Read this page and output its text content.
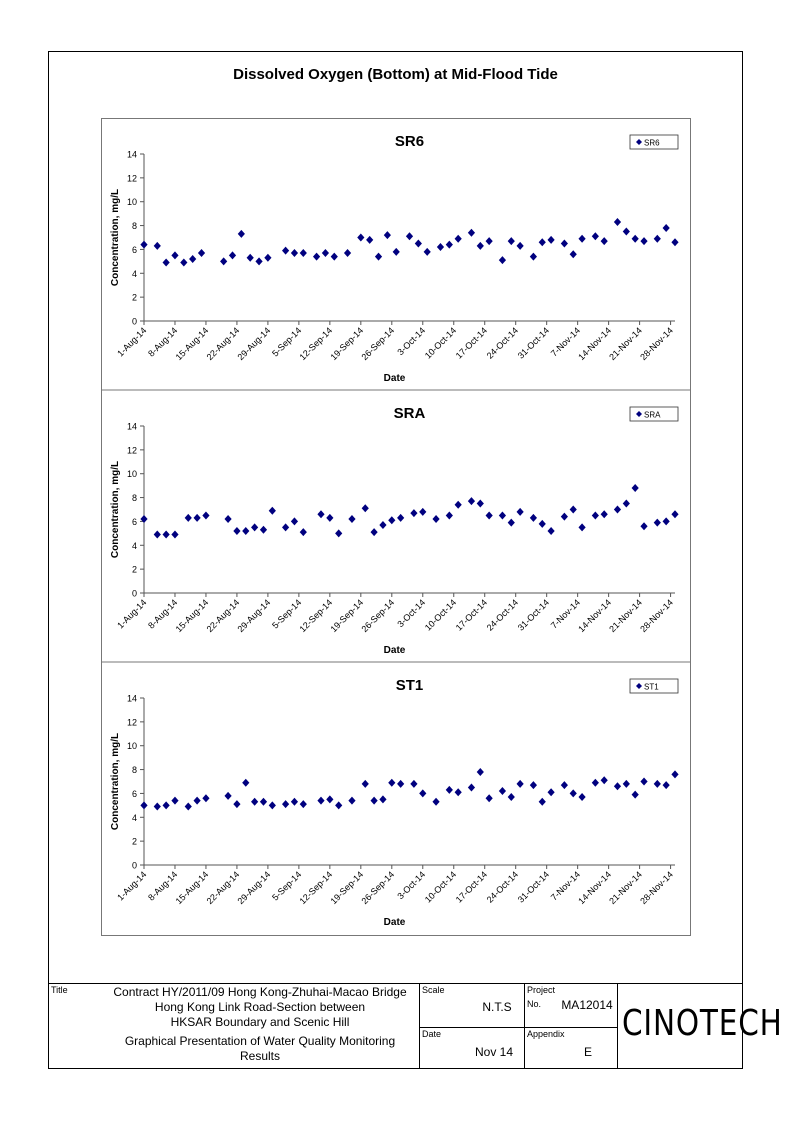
Dissolved Oxygen (Bottom) at Mid-Flood Tide
SR6	SR6
0
2
4
6
8
10
12
14
1-Aug-14
8-Aug-14
15-Aug-14
22-Aug-14
29-Aug-14
5-Sep-14
12-Sep-14
19-Sep-14
26-Sep-14 3-Oct-14
10-Oct-14
17-Oct-14
24-Oct-14
31-Oct-14
7-Nov-14
14-Nov-14
21-Nov-14
28-Nov-14
Date
Concentration, mg/L
SRA	SRA
0
2
4
6
8
10
12
14
1-Aug-14
8-Aug-14
15-Aug-14
22-Aug-14
29-Aug-14
5-Sep-14
12-Sep-14
19-Sep-14
26-Sep-14 3-Oct-14
10-Oct-14
17-Oct-14
24-Oct-14
31-Oct-14
7-Nov-14
14-Nov-14
21-Nov-14
28-Nov-14
Date
Concentration, mg/L
ST1	ST1
0
2
4
6
8
10
12
14
1-Aug-14
8-Aug-14
15-Aug-14
22-Aug-14
29-Aug-14
5-Sep-14
12-Sep-14
19-Sep-14
26-Sep-14 3-Oct-14
10-Oct-14
17-Oct-14
24-Oct-14
31-Oct-14
7-Nov-14
14-Nov-14
21-Nov-14
28-Nov-14
Date
Concentration, mg/L
Title	Contract HY/2011/09 Hong Kong-Zhuhai-Macao Bridge
Hong Kong Link Road-Section between
HKSAR Boundary and Scenic Hill
Graphical Presentation of Water Quality Monitoring
Results
Scale
N.T.S
Project
No.	MA12014
Date
Nov 14
Appendix
E
CINOTECH
